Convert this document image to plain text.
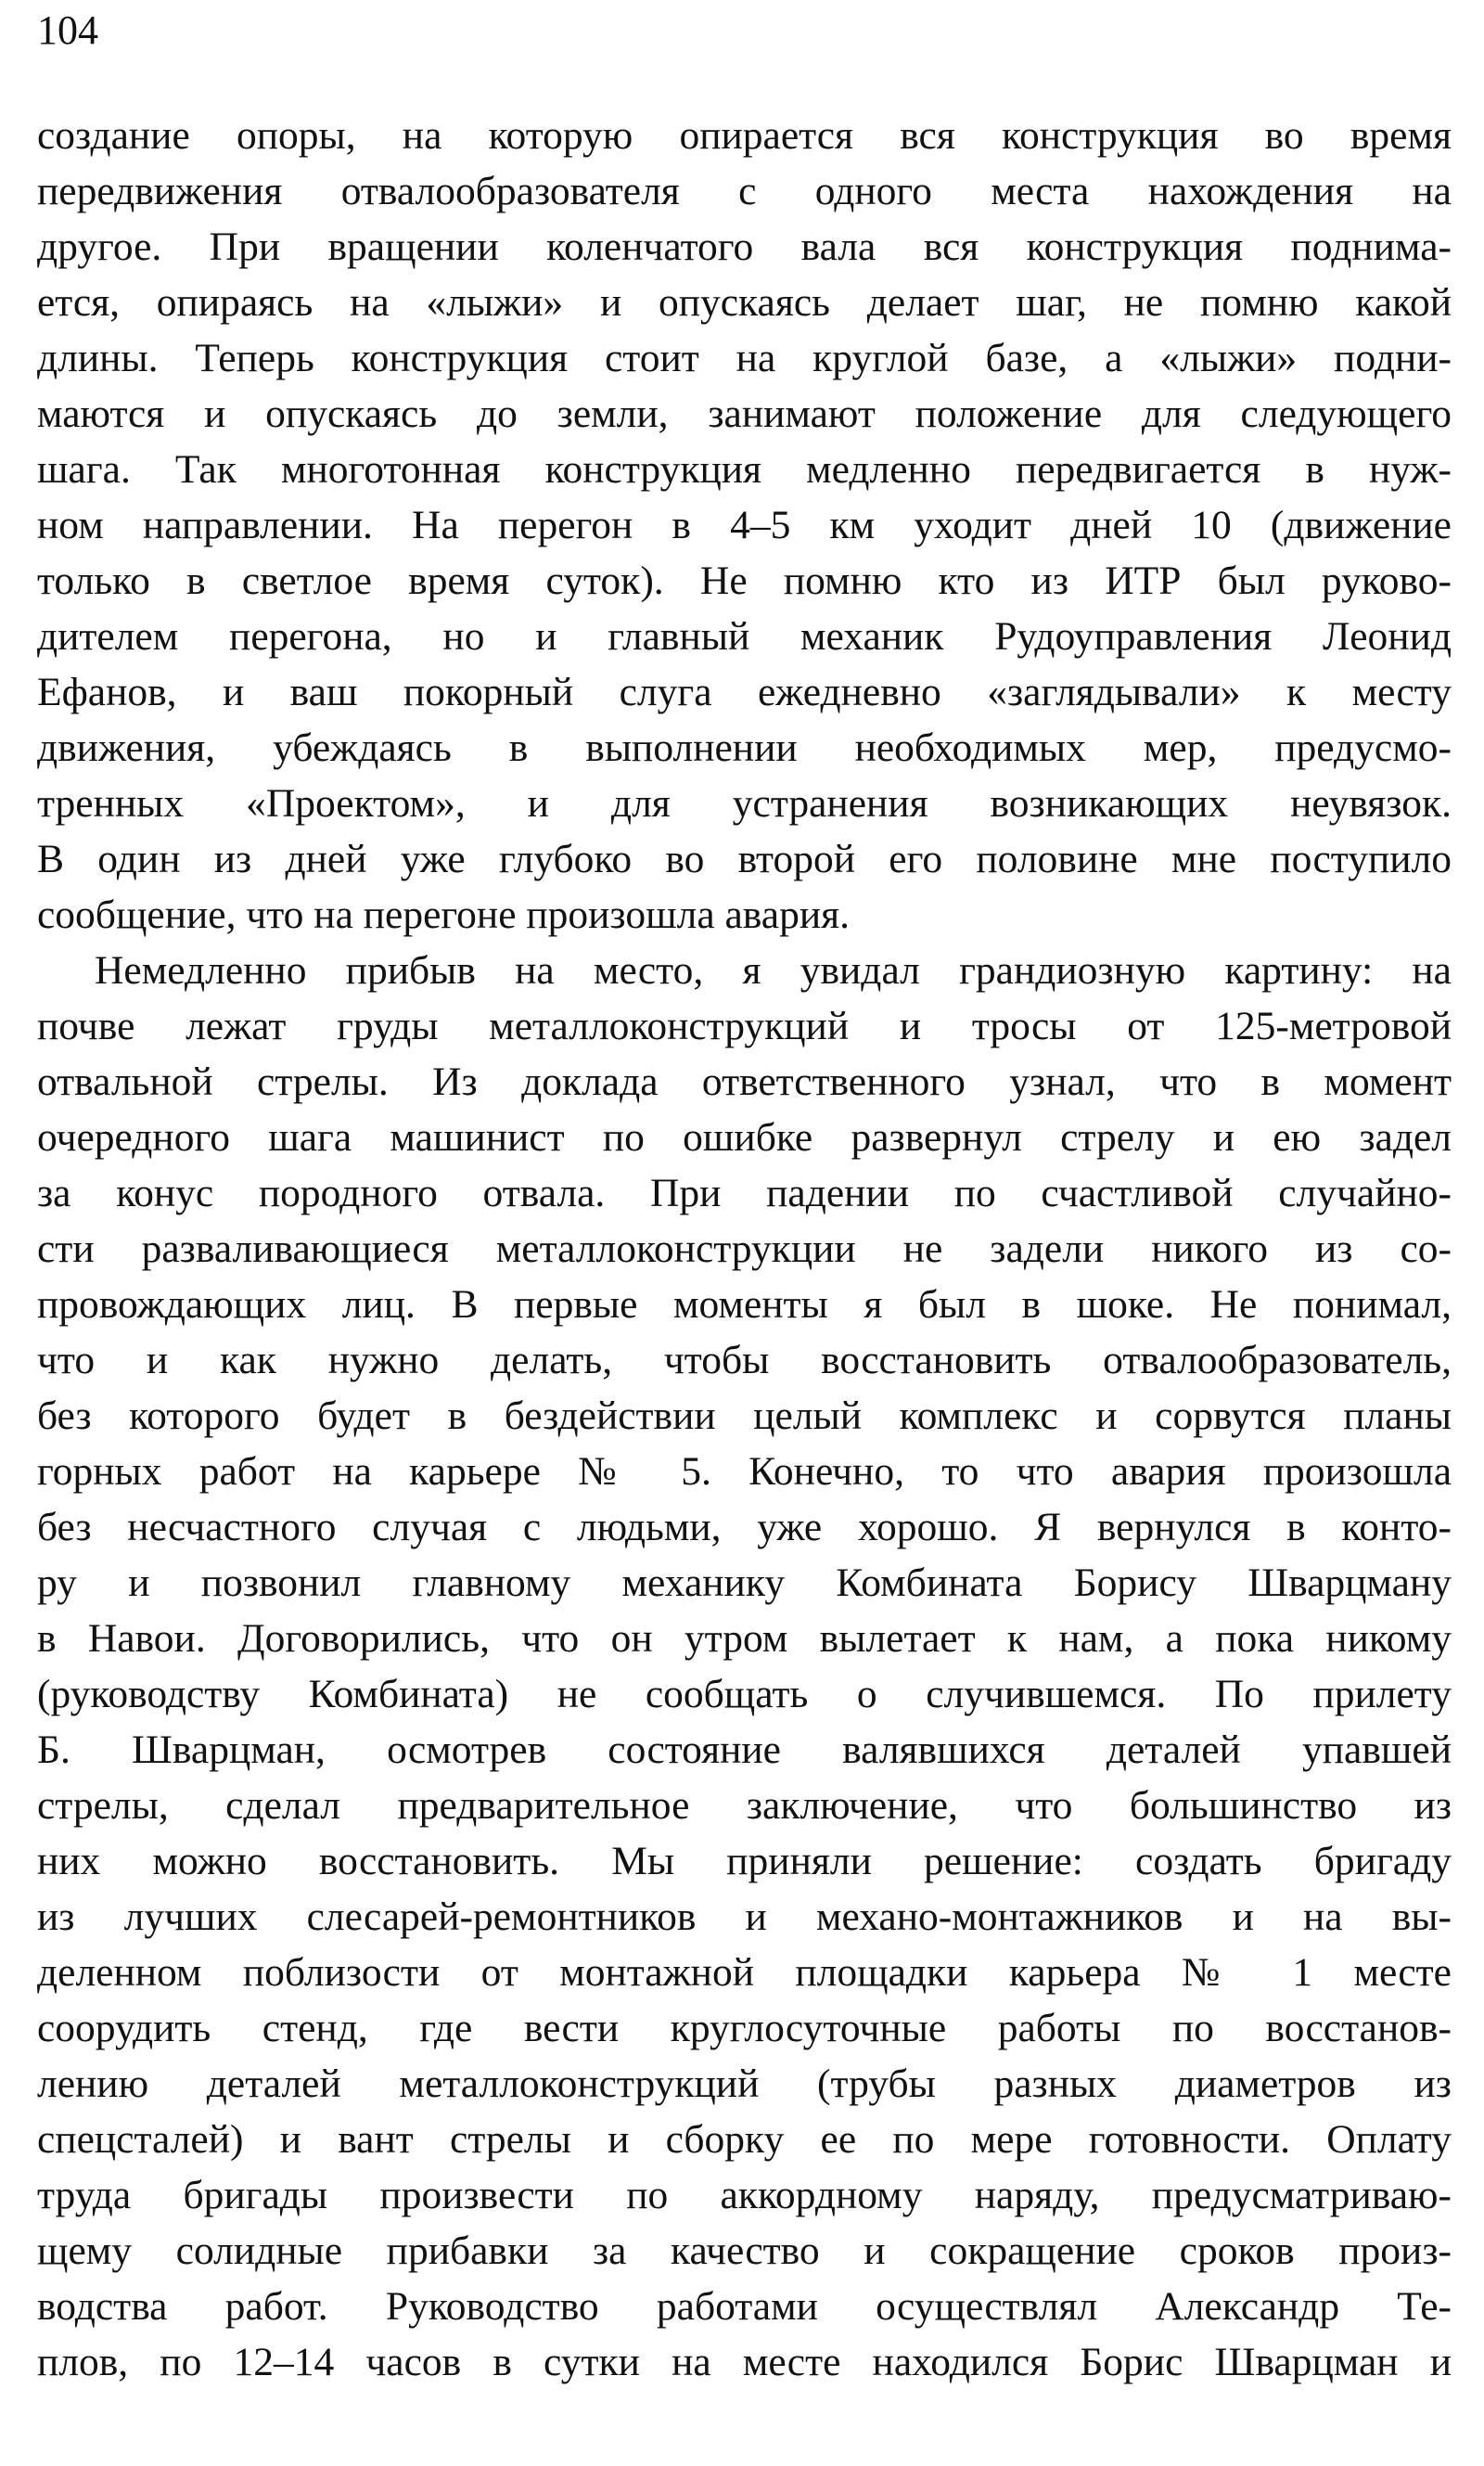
104

создание опоры, на которую опирается вся конструкция во время
передвижения отвалообразователя с одного места нахождения на
другое. При вращении коленчатого вала вся конструкция поднима-
ется, опираясь на «лыжи» и опускаясь делает шаг, не помню какой
длины. Теперь конструкция стоит на круглой базе, а «лыжи» подни-
маются и опускаясь до земли, занимают положение для следующего
шага. Так многотонная конструкция медленно передвигается в нуж-
ном направлении. На перегон в 4–5 км уходит дней 10 (движение
только в светлое время суток). Не помню кто из ИТР был руково-
дителем перегона, но и главный механик Рудоуправления Леонид
Ефанов, и ваш покорный слуга ежедневно «заглядывали» к месту
движения, убеждаясь в выполнении необходимых мер, предусмо-
тренных «Проектом», и для устранения возникающих неувязок.
В один из дней уже глубоко во второй его половине мне поступило
сообщение, что на перегоне произошла авария.

Немедленно прибыв на место, я увидал грандиозную картину: на
почве лежат груды металлоконструкций и тросы от 125-метровой
отвальной стрелы. Из доклада ответственного узнал, что в момент
очередного шага машинист по ошибке развернул стрелу и ею задел
за конус породного отвала. При падении по счастливой случайно-
сти разваливающиеся металлоконструкции не задели никого из со-
провождающих лиц. В первые моменты я был в шоке. Не понимал,
что и как нужно делать, чтобы восстановить отвалообразователь,
без которого будет в бездействии целый комплекс и сорвутся планы
горных работ на карьере № 5. Конечно, то что авария произошла
без несчастного случая с людьми, уже хорошо. Я вернулся в конто-
ру и позвонил главному механику Комбината Борису Шварцману
в Навои. Договорились, что он утром вылетает к нам, а пока никому
(руководству Комбината) не сообщать о случившемся. По прилету
Б. Шварцман, осмотрев состояние валявшихся деталей упавшей
стрелы, сделал предварительное заключение, что большинство из
них можно восстановить. Мы приняли решение: создать бригаду
из лучших слесарей-ремонтников и механо-монтажников и на вы-
деленном поблизости от монтажной площадки карьера № 1 месте
соорудить стенд, где вести круглосуточные работы по восстанов-
лению деталей металлоконструкций (трубы разных диаметров из
спецсталей) и вант стрелы и сборку ее по мере готовности. Оплату
труда бригады произвести по аккордному наряду, предусматриваю-
щему солидные прибавки за качество и сокращение сроков произ-
водства работ. Руководство работами осуществлял Александр Те-
плов, по 12–14 часов в сутки на месте находился Борис Шварцман и
